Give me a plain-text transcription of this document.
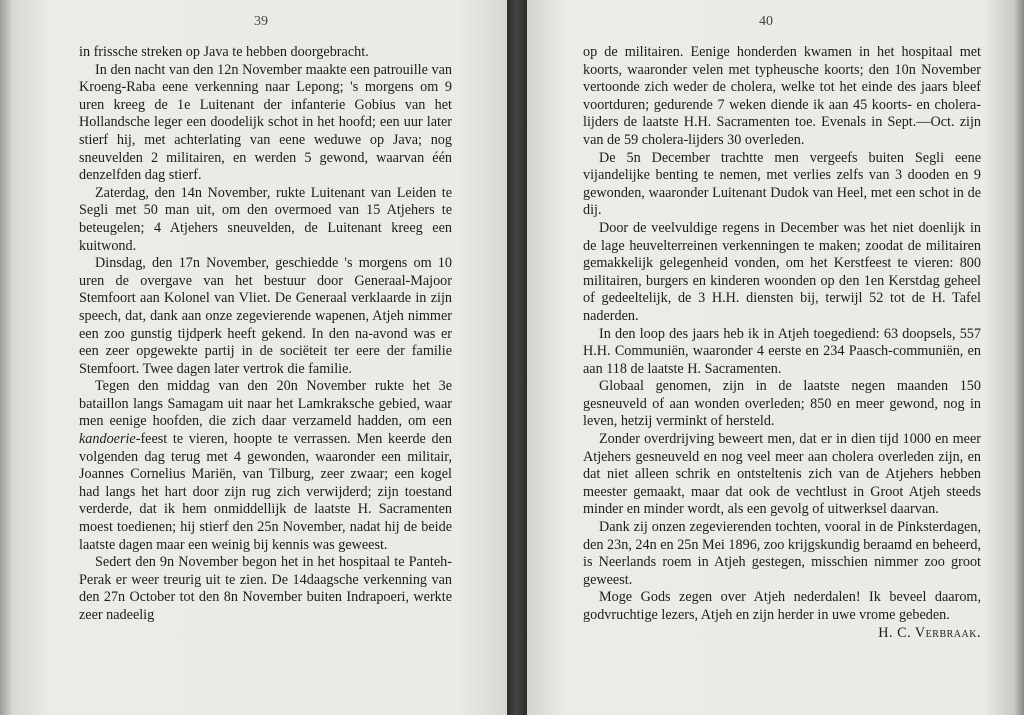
39

in frissche streken op Java te hebben doorgebracht.

In den nacht van den 12n November maakte een patrouille van Kroeng-Raba eene verkenning naar Lepong; 's morgens om 9 uren kreeg de 1e Luitenant der infanterie Gobius van het Hollandsche leger een doodelijk schot in het hoofd; een uur later stierf hij, met achterlating van eene weduwe op Java; nog sneuvelden 2 militairen, en werden 5 gewond, waarvan één denzelfden dag stierf.

Zaterdag, den 14n November, rukte Luitenant van Leiden te Segli met 50 man uit, om den overmoed van 15 Atjehers te beteugelen; 4 Atjehers sneuvelden, de Luitenant kreeg een kuitwond.

Dinsdag, den 17n November, geschiedde 's morgens om 10 uren de overgave van het bestuur door Generaal-Majoor Stemfoort aan Kolonel van Vliet. De Generaal verklaarde in zijn speech, dat, dank aan onze zegevierende wapenen, Atjeh nimmer een zoo gunstig tijdperk heeft gekend. In den na-avond was er een zeer opgewekte partij in de sociëteit ter eere der familie Stemfoort. Twee dagen later vertrok die familie.

Tegen den middag van den 20n November rukte het 3e bataillon langs Samagam uit naar het Lamkraksche gebied, waar men eenige hoofden, die zich daar verzameld hadden, om een kandoerie-feest te vieren, hoopte te verrassen. Men keerde den volgenden dag terug met 4 gewonden, waaronder een militair, Joannes Cornelius Mariën, van Tilburg, zeer zwaar; een kogel had langs het hart door zijn rug zich verwijderd; zijn toestand verderde, dat ik hem onmiddellijk de laatste H. Sacramenten moest toedienen; hij stierf den 25n November, nadat hij de beide laatste dagen maar een weinig bij kennis was geweest.

Sedert den 9n November begon het in het hospitaal te Panteh-Perak er weer treurig uit te zien. De 14daagsche verkenning van den 27n October tot den 8n November buiten Indrapoeri, werkte zeer nadeelig

40

op de militairen. Eenige honderden kwamen in het hospitaal met koorts, waaronder velen met typheusche koorts; den 10n November vertoonde zich weder de cholera, welke tot het einde des jaars bleef voortduren; gedurende 7 weken diende ik aan 45 koorts- en cholera-lijders de laatste H.H. Sacramenten toe. Evenals in Sept.—Oct. zijn van de 59 cholera-lijders 30 overleden.

De 5n December trachtte men vergeefs buiten Segli eene vijandelijke benting te nemen, met verlies zelfs van 3 dooden en 9 gewonden, waaronder Luitenant Dudok van Heel, met een schot in de dij.

Door de veelvuldige regens in December was het niet doenlijk in de lage heuvelterreinen verkenningen te maken; zoodat de militairen gemakkelijk gelegenheid vonden, om het Kerstfeest te vieren: 800 militairen, burgers en kinderen woonden op den 1en Kerstdag geheel of gedeeltelijk, de 3 H.H. diensten bij, terwijl 52 tot de H. Tafel naderden.

In den loop des jaars heb ik in Atjeh toegediend: 63 doopsels, 557 H.H. Communiën, waaronder 4 eerste en 234 Paasch-communiën, en aan 118 de laatste H. Sacramenten.

Globaal genomen, zijn in de laatste negen maanden 150 gesneuveld of aan wonden overleden; 850 en meer gewond, nog in leven, hetzij verminkt of hersteld.

Zonder overdrijving beweert men, dat er in dien tijd 1000 en meer Atjehers gesneuveld en nog veel meer aan cholera overleden zijn, en dat niet alleen schrik en ontsteltenis zich van de Atjehers hebben meester gemaakt, maar dat ook de vechtlust in Groot Atjeh steeds minder en minder wordt, als een gevolg of uitwerksel daarvan.

Dank zij onzen zegevierenden tochten, vooral in de Pinksterdagen, den 23n, 24n en 25n Mei 1896, zoo krijgskundig beraamd en beheerd, is Neerlands roem in Atjeh gestegen, misschien nimmer zoo groot geweest.

Moge Gods zegen over Atjeh nederdalen! Ik beveel daarom, godvruchtige lezers, Atjeh en zijn herder in uwe vrome gebeden.

H. C. Verbraak.
